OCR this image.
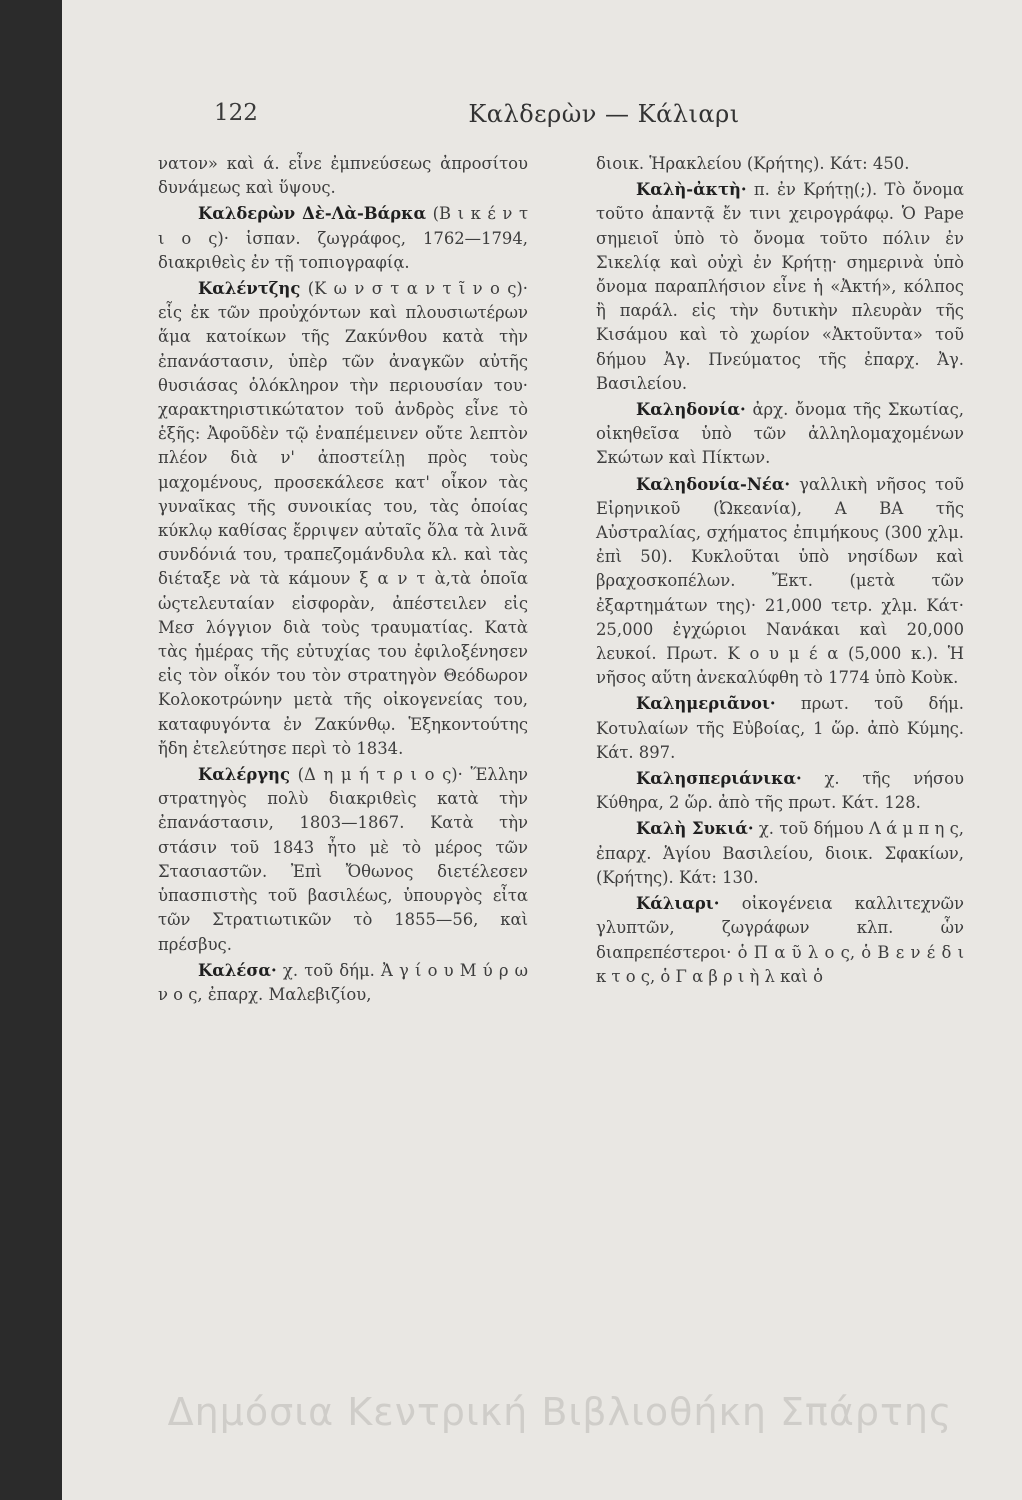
122	Καλδερὼν — Κάλιαρι

νατον» καὶ ά. εἶνε ἐμπνεύσεως ἀπροσίτου δυνάμεως καὶ ὕψους.

Καλδερὼν Δὲ-Λὰ-Βάρκα (Β ι κ έ ν τ ι ο ς)· ἱσπαν. ζωγράφος, 1762—1794, διακριθεὶς ἐν τῇ τοπιογραφίᾳ.

Καλέντζης (Κ ω ν σ τ α ν τ ῖ ν ο ς)· εἷς ἐκ τῶν προὐχόντων καὶ πλουσιωτέρων ἅμα κατοίκων τῆς Ζακύνθου κατὰ τὴν ἐπανάστασιν, ὑπὲρ τῶν ἀναγκῶν αὐτῆς θυσιάσας ὁλόκληρον τὴν περιουσίαν του· χαρακτηριστικώτατον τοῦ ἀνδρὸς εἶνε τὸ ἑξῆς: Ἀφοῦδὲν τῷ ἐναπέμεινεν οὔτε λεπτὸν πλέον διὰ ν' ἀποστείλῃ πρὸς τοὺς μαχομένους, προσεκάλεσε κατ' οἶκον τὰς γυναῖκας τῆς συνοικίας του, τὰς ὁποίας κύκλῳ καθίσας ἔρριψεν αὐταῖς ὅλα τὰ λινᾶ συνδόνιά του, τραπεζομάνδυλα κλ. καὶ τὰς διέταξε νὰ τὰ κάμουν ξ α ν τ ὰ,τὰ ὁποῖα ὡςτελευταίαν εἰσφορὰν, ἀπέστειλεν εἰς Μεσ λόγγιον διὰ τοὺς τραυματίας. Κατὰ τὰς ἡμέρας τῆς εὐτυχίας του ἐφιλοξένησεν εἰς τὸν οἶκόν του τὸν στρατηγὸν Θεόδωρον Κολοκοτρώνην μετὰ τῆς οἰκογενείας του, καταφυγόντα ἐν Ζακύνθῳ. Ἑξηκοντούτης ἤδη ἐτελεύτησε περὶ τὸ 1834.

Καλέργης (Δ η μ ή τ ρ ι ο ς)· Ἕλλην στρατηγὸς πολὺ διακριθεὶς κατὰ τὴν ἐπανάστασιν, 1803—1867. Κατὰ τὴν στάσιν τοῦ 1843 ἦτο μὲ τὸ μέρος τῶν Στασιαστῶν. Ἐπὶ Ὄθωνος διετέλεσεν ὑπασπιστὴς τοῦ βασιλέως, ὑπουργὸς εἶτα τῶν Στρατιωτικῶν τὸ 1855—56, καὶ πρέσβυς.

Καλέσα· χ. τοῦ δήμ. Ἀ γ ί ο υ Μ ύ ρ ω ν ο ς, ἐπαρχ. Μαλεβιζίου,

διοικ. Ἡρακλείου (Κρήτης). Κάτ: 450.

Καλὴ-ἀκτὴ· π. ἐν Κρήτῃ(;). Τὸ ὄνομα τοῦτο ἀπαντᾷ ἔν τινι χειρογράφῳ. Ὁ Pape σημειοῖ ὑπὸ τὸ ὄνομα τοῦτο πόλιν ἐν Σικελίᾳ καὶ οὐχὶ ἐν Κρήτῃ· σημερινὰ ὑπὸ ὄνομα παραπλήσιον εἶνε ἡ «Ἀκτή», κόλπος ἢ παράλ. εἰς τὴν δυτικὴν πλευρὰν τῆς Κισάμου καὶ τὸ χωρίον «Ἀκτοῦντα» τοῦ δήμου Ἀγ. Πνεύματος τῆς ἐπαρχ. Ἀγ. Βασιλείου.

Καληδονία· ἀρχ. ὄνομα τῆς Σκωτίας, οἰκηθεῖσα ὑπὸ τῶν ἀλληλομαχομένων Σκώτων καὶ Πίκτων.

Καληδονία-Νέα· γαλλικὴ νῆσος τοῦ Εἰρηνικοῦ (Ὠκεανία), Α ΒΑ τῆς Αὐστραλίας, σχήματος ἐπιμήκους (300 χλμ. ἐπὶ 50). Κυκλοῦται ὑπὸ νησίδων καὶ βραχοσκοπέλων. Ἔκτ. (μετὰ τῶν ἐξαρτημάτων της)· 21,000 τετρ. χλμ. Κάτ· 25,000 ἐγχώριοι Νανάκαι καὶ 20,000 λευκοί. Πρωτ. Κ ο υ μ έ α (5,000 κ.). Ἡ νῆσος αὕτη ἀνεκαλύφθη τὸ 1774 ὑπὸ Κοὺκ.

Καλημεριᾶνοι· πρωτ. τοῦ δήμ. Κοτυλαίων τῆς Εὐβοίας, 1 ὥρ. ἀπὸ Κύμης. Κάτ. 897.

Καλησπεριάνικα· χ. τῆς νήσου Κύθηρα, 2 ὥρ. ἀπὸ τῆς πρωτ. Κάτ. 128.

Καλὴ Συκιά· χ. τοῦ δήμου Λ ά μ π η ς, ἐπαρχ. Ἁγίου Βασιλείου, διοικ. Σφακίων, (Κρήτης). Κάτ: 130.

Κάλιαρι· οἰκογένεια καλλιτεχνῶν γλυπτῶν, ζωγράφων κλπ. ὧν διαπρεπέστεροι· ὁ Π α ῦ λ ο ς, ὁ Β ε ν έ δ ι κ τ ο ς, ὁ Γ α β ρ ι ὴ λ καὶ ὁ

Δημόσια Κεντρική Βιβλιοθήκη Σπάρτης
